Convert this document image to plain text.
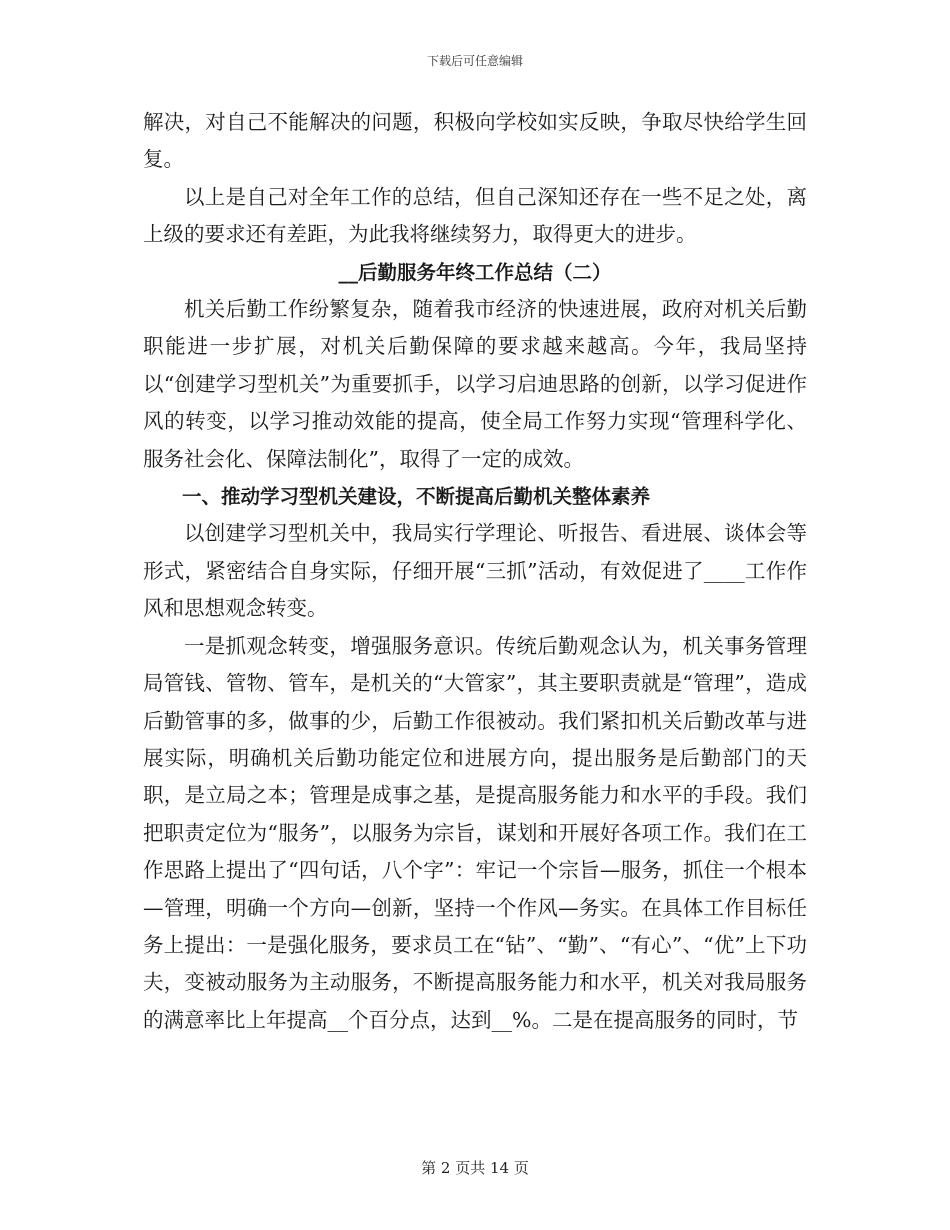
下载后可任意编辑

解决，对自己不能解决的问题，积极向学校如实反映，争取尽快给学生回复。

以上是自己对全年工作的总结，但自己深知还存在一些不足之处，离上级的要求还有差距，为此我将继续努力，取得更大的进步。

__后勤服务年终工作总结（二）

机关后勤工作纷繁复杂，随着我市经济的快速进展，政府对机关后勤职能进一步扩展，对机关后勤保障的要求越来越高。今年，我局坚持以“创建学习型机关”为重要抓手，以学习启迪思路的创新，以学习促进作风的转变，以学习推动效能的提高，使全局工作努力实现“管理科学化、服务社会化、保障法制化”，取得了一定的成效。

一、推动学习型机关建设，不断提高后勤机关整体素养

以创建学习型机关中，我局实行学理论、听报告、看进展、谈体会等形式，紧密结合自身实际，仔细开展“三抓”活动，有效促进了____工作作风和思想观念转变。

一是抓观念转变，增强服务意识。传统后勤观念认为，机关事务管理局管钱、管物、管车，是机关的“大管家”，其主要职责就是“管理”，造成后勤管事的多，做事的少，后勤工作很被动。我们紧扣机关后勤改革与进展实际，明确机关后勤功能定位和进展方向，提出服务是后勤部门的天职，是立局之本；管理是成事之基，是提高服务能力和水平的手段。我们把职责定位为“服务”，以服务为宗旨，谋划和开展好各项工作。我们在工作思路上提出了“四句话，八个字”：牢记一个宗旨—服务，抓住一个根本—管理，明确一个方向—创新，坚持一个作风—务实。在具体工作目标任务上提出：一是强化服务，要求员工在“钻”、“勤”、“有心”、“优”上下功夫，变被动服务为主动服务，不断提高服务能力和水平，机关对我局服务的满意率比上年提高__个百分点，达到__%。二是在提高服务的同时，节

第 2 页共 14 页
